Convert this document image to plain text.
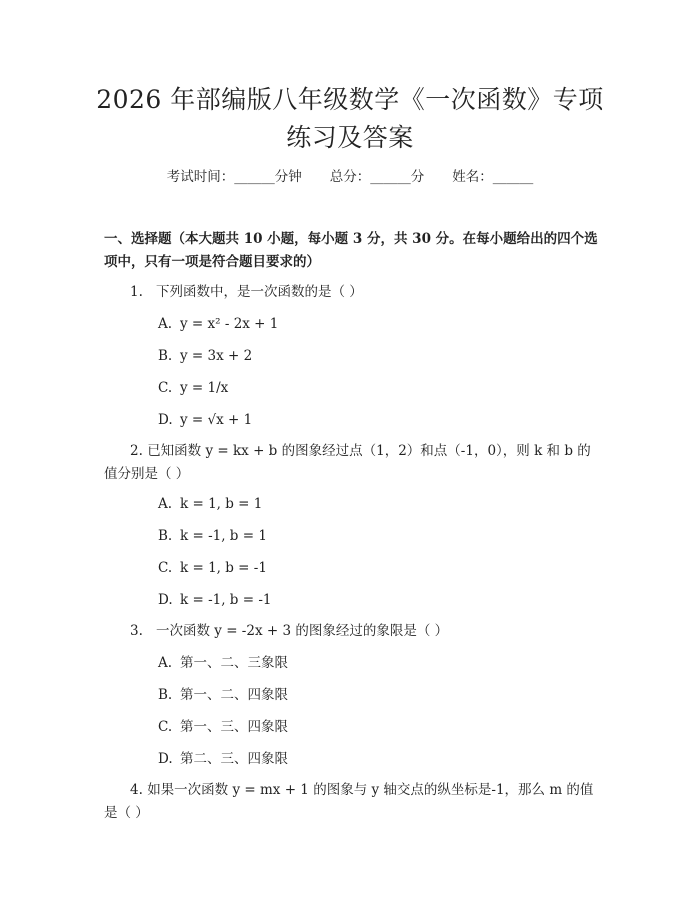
2026 年部编版八年级数学《一次函数》专项
练习及答案
考试时间：______分钟 总分：______分 姓名：______
一、选择题（本大题共 10 小题，每小题 3 分，共 30 分。在每小题给出的四个选项中，只有一项是符合题目要求的）
1. 下列函数中，是一次函数的是（ ）
A. y = x² - 2x + 1
B. y = 3x + 2
C. y = 1/x
D. y = √x + 1
2. 已知函数 y = kx + b 的图象经过点（1，2）和点（-1，0），则 k 和 b 的值分别是（ ）
A. k = 1, b = 1
B. k = -1, b = 1
C. k = 1, b = -1
D. k = -1, b = -1
3. 一次函数 y = -2x + 3 的图象经过的象限是（ ）
A. 第一、二、三象限
B. 第一、二、四象限
C. 第一、三、四象限
D. 第二、三、四象限
4. 如果一次函数 y = mx + 1 的图象与 y 轴交点的纵坐标是-1，那么 m 的值是（ ）
